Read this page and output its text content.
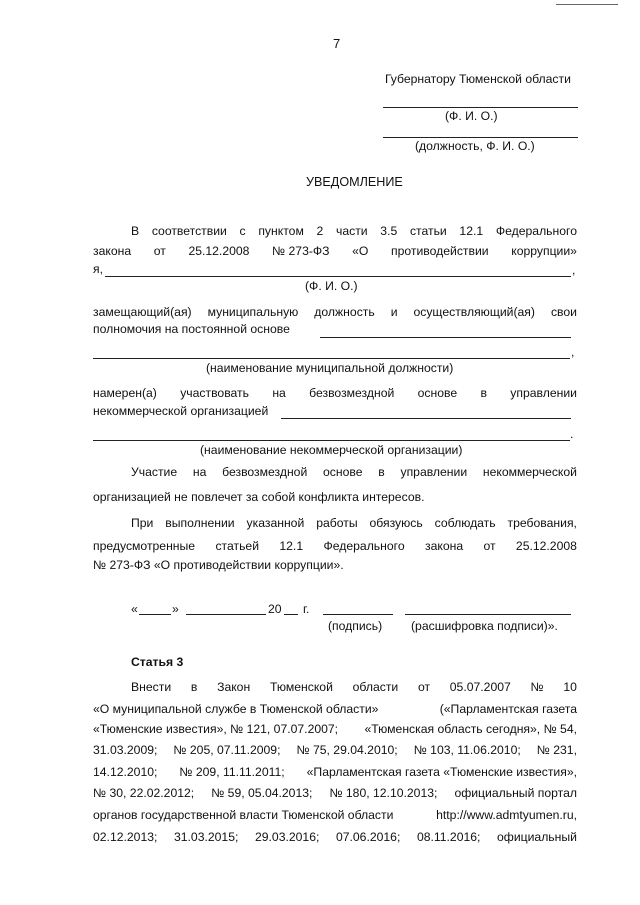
7
Губернатору Тюменской области
(Ф. И. О.)
(должность, Ф. И. О.)
УВЕДОМЛЕНИЕ
В соответствии с пунктом 2 части 3.5 статьи 12.1 Федерального
закона от 25.12.2008 № 273-ФЗ «О противодействии коррупции»
я,	,
(Ф. И. О.)
замещающий(ая) муниципальную должность и осуществляющий(ая) свои
полномочия на постоянной основе
,
(наименование муниципальной должности)
намерен(а) участвовать на безвозмездной основе в управлении
некоммерческой организацией
.
(наименование некоммерческой организации)
Участие на безвозмездной основе в управлении некоммерческой
организацией не повлечет за собой конфликта интересов.
При выполнении указанной работы обязуюсь соблюдать требования,
предусмотренные статьей 12.1 Федерального закона от 25.12.2008
№ 273-ФЗ «О противодействии коррупции».
«	»	20 г.
(подпись) (расшифровка подписи)».
Статья 3
Внести в Закон Тюменской области от 05.07.2007 № 10
«О муниципальной службе в Тюменской области»	(«Парламентская газета
«Тюменские известия», № 121, 07.07.2007; «Тюменская область сегодня», № 54,
31.03.2009; № 205, 07.11.2009; № 75, 29.04.2010; № 103, 11.06.2010; № 231,
14.12.2010; № 209, 11.11.2011; «Парламентская газета «Тюменские известия»,
№ 30, 22.02.2012; № 59, 05.04.2013; № 180, 12.10.2013; официальный портал
органов государственной власти Тюменской области	http://www.admtyumen.ru,
02.12.2013; 31.03.2015; 29.03.2016; 07.06.2016; 08.11.2016; официальный
